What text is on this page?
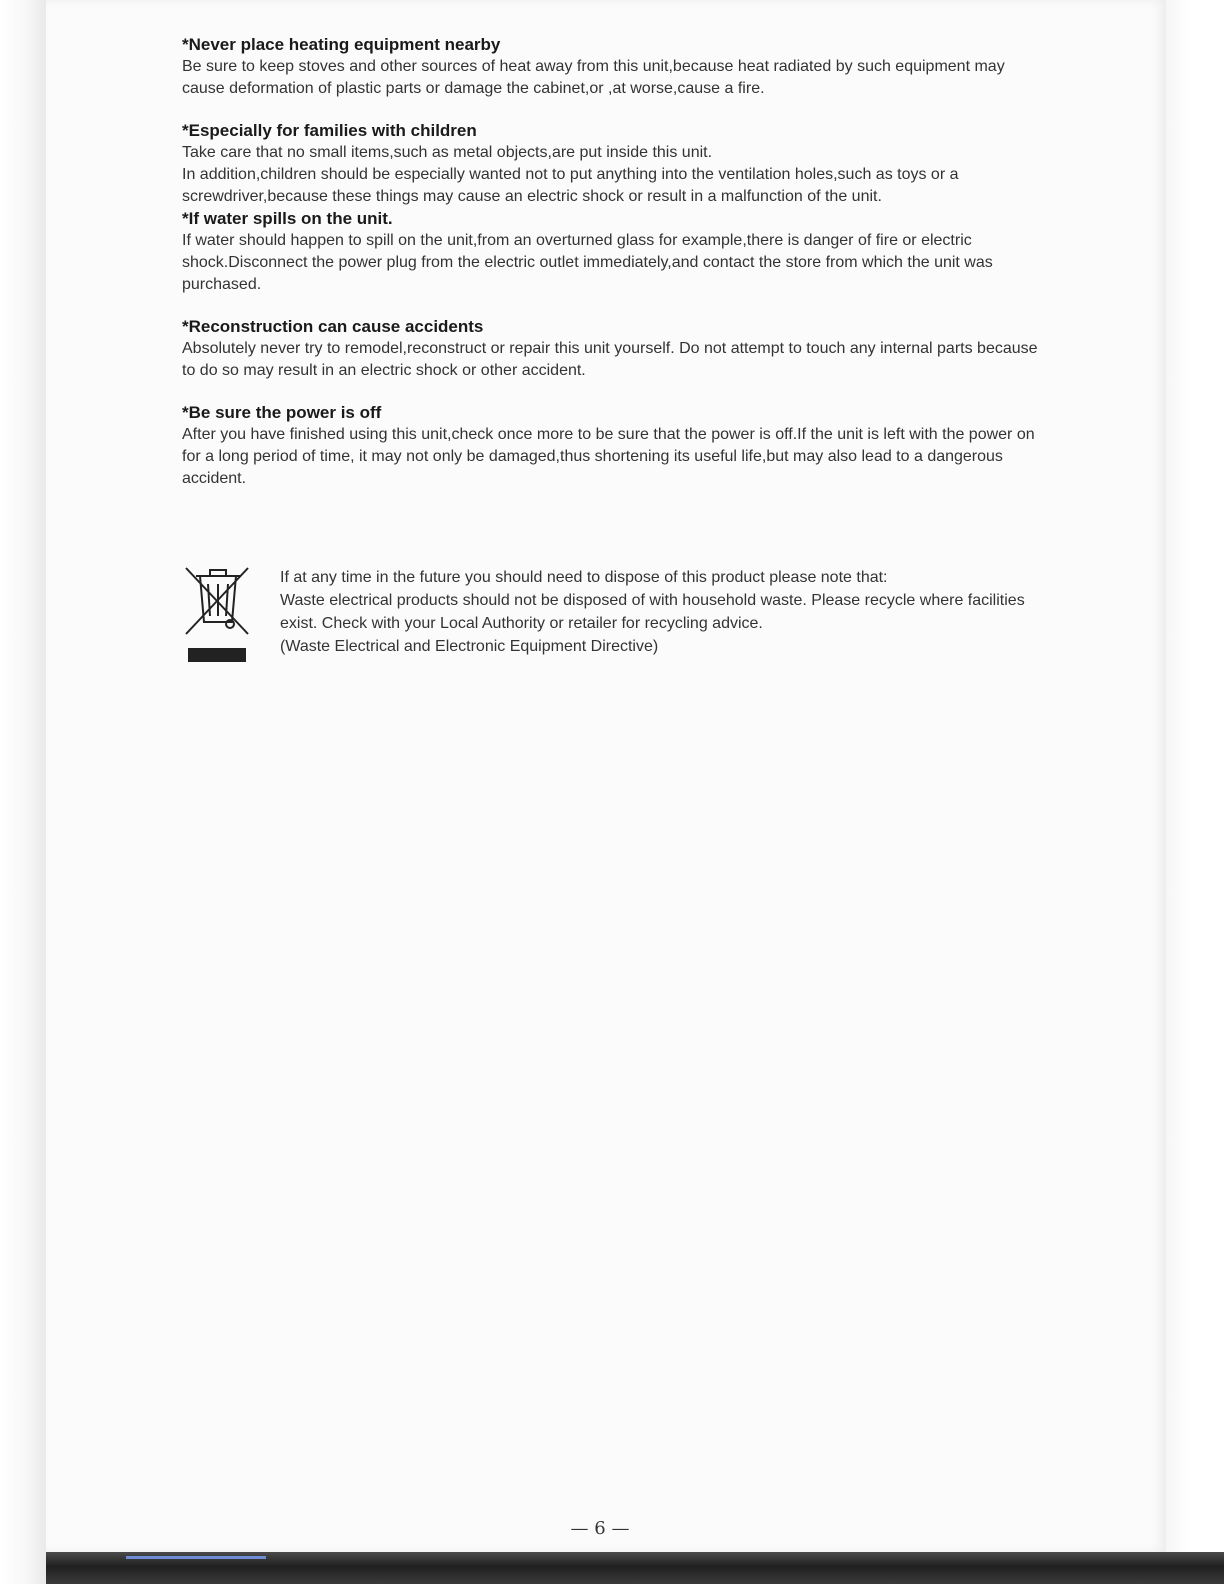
*Never place heating equipment nearby
Be sure to keep stoves and other sources of heat away from this unit,because heat radiated by such equipment may cause deformation of plastic parts or damage the cabinet,or ,at worse,cause a fire.
*Especially for families with children
Take care that no small items,such as metal objects,are put inside this unit.
In addition,children should be especially wanted not to put anything into the ventilation holes,such as toys or a screwdriver,because these things may cause an electric shock or result in a malfunction of the unit.
*If water spills on the unit.
If water should happen to spill on the unit,from an overturned glass for example,there is danger of fire or electric shock.Disconnect the power plug from the electric outlet immediately,and contact the store from which the unit was purchased.
*Reconstruction can cause accidents
Absolutely never try to remodel,reconstruct or repair this unit yourself. Do not attempt to touch any internal parts because to do so may result in an electric shock or other accident.
*Be sure the power is off
After you have finished using this unit,check once more to be sure that the power is off.If the unit is left with the power on for a long period of time, it may not only be damaged,thus shortening its useful life,but may also lead to a dangerous accident.
If at any time in the future you should need to dispose of this product please note that:
Waste electrical products should not be disposed of with household waste. Please recycle where facilities exist. Check with your Local Authority or retailer for recycling advice.
(Waste Electrical and Electronic Equipment Directive)
— 6 —
